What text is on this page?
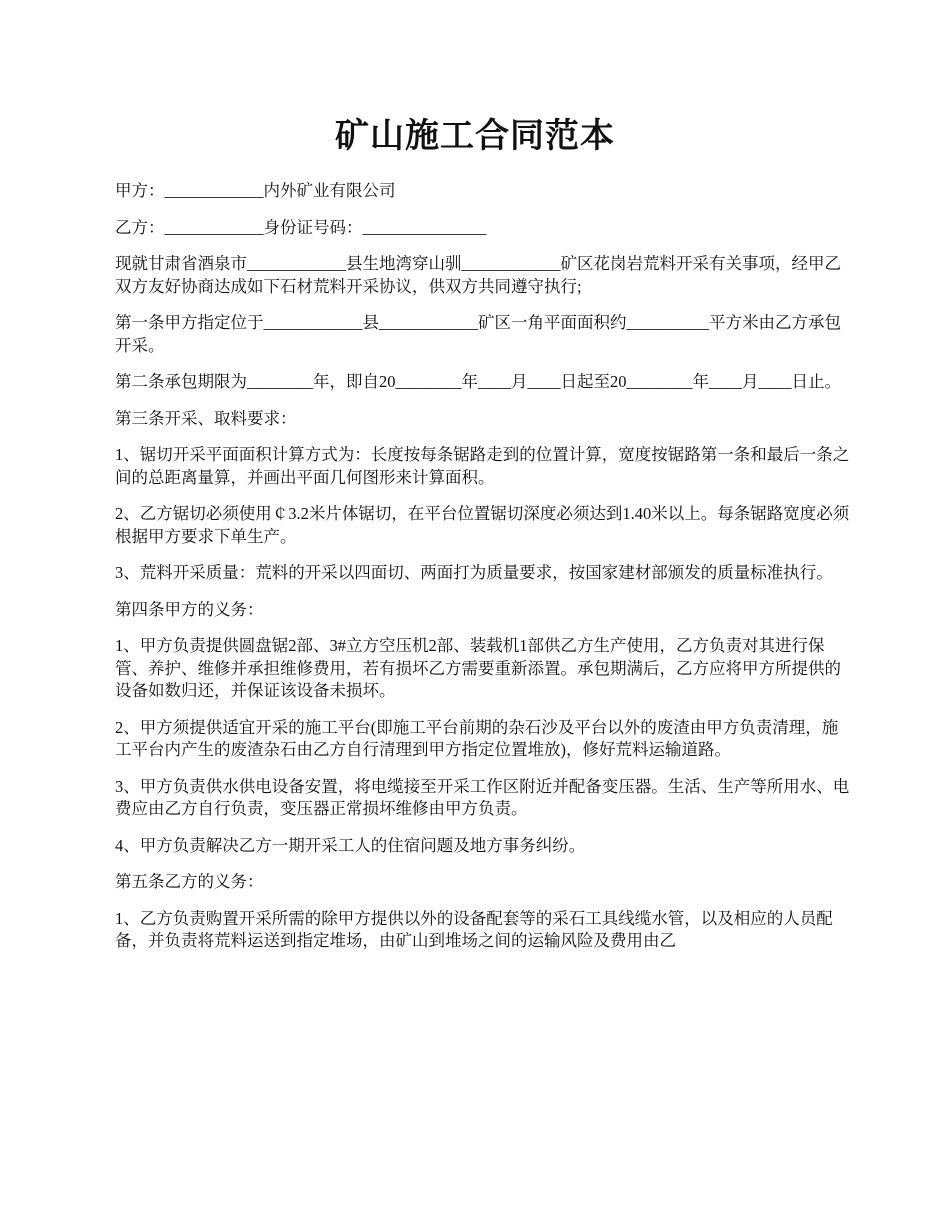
矿山施工合同范本

甲方：____________内外矿业有限公司

乙方：____________身份证号码：_______________

现就甘肃省酒泉市____________县生地湾穿山驯____________矿区花岗岩荒料开采有关事项，经甲乙双方友好协商达成如下石材荒料开采协议，供双方共同遵守执行;

第一条甲方指定位于____________县____________矿区一角平面面积约__________平方米由乙方承包开采。

第二条承包期限为________年，即自20________年____月____日起至20________年____月____日止。

第三条开采、取料要求：

1、锯切开采平面面积计算方式为：长度按每条锯路走到的位置计算，宽度按锯路第一条和最后一条之间的总距离量算，并画出平面几何图形来计算面积。

2、乙方锯切必须使用￠3.2米片体锯切，在平台位置锯切深度必须达到1.40米以上。每条锯路宽度必须根据甲方要求下单生产。

3、荒料开采质量：荒料的开采以四面切、两面打为质量要求，按国家建材部颁发的质量标准执行。

第四条甲方的义务：

1、甲方负责提供圆盘锯2部、3#立方空压机2部、装载机1部供乙方生产使用，乙方负责对其进行保管、养护、维修并承担维修费用，若有损坏乙方需要重新添置。承包期满后，乙方应将甲方所提供的设备如数归还，并保证该设备未损坏。

2、甲方须提供适宜开采的施工平台(即施工平台前期的杂石沙及平台以外的废渣由甲方负责清理，施工平台内产生的废渣杂石由乙方自行清理到甲方指定位置堆放)，修好荒料运输道路。

3、甲方负责供水供电设备安置，将电缆接至开采工作区附近并配备变压器。生活、生产等所用水、电费应由乙方自行负责，变压器正常损坏维修由甲方负责。

4、甲方负责解决乙方一期开采工人的住宿问题及地方事务纠纷。

第五条乙方的义务：

1、乙方负责购置开采所需的除甲方提供以外的设备配套等的采石工具线缆水管，以及相应的人员配备，并负责将荒料运送到指定堆场，由矿山到堆场之间的运输风险及费用由乙
